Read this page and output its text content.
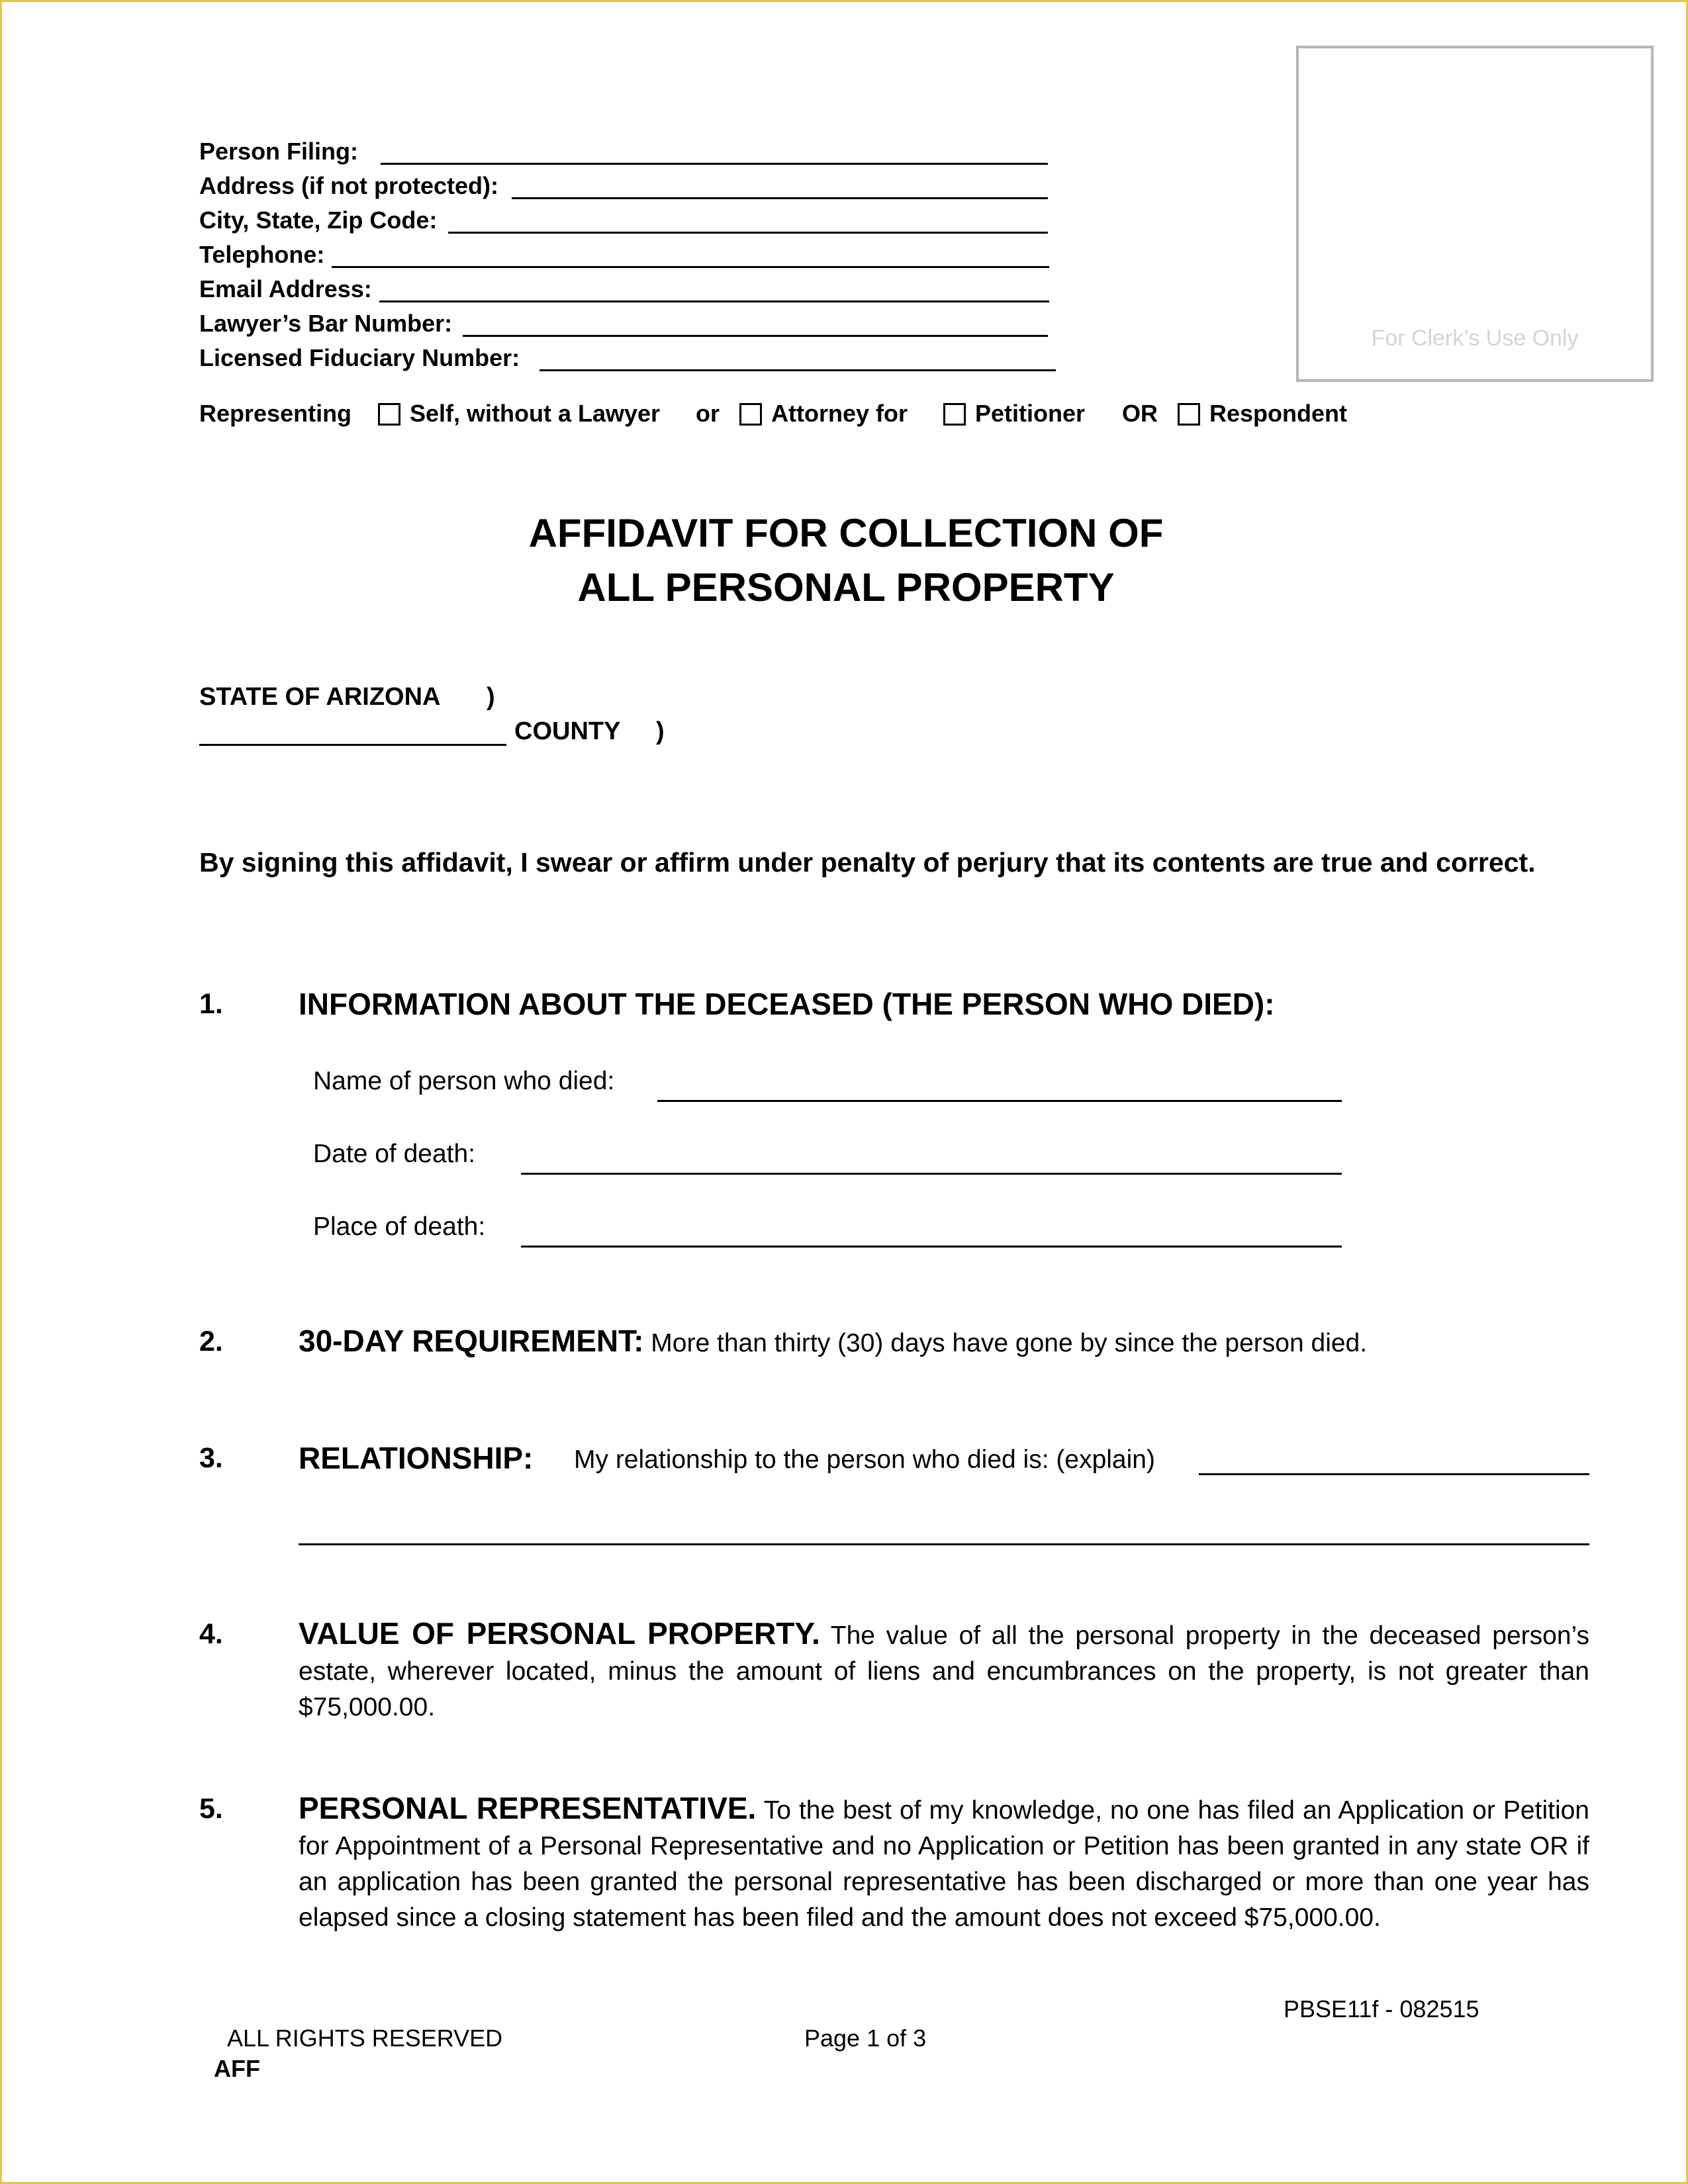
Person Filing:
Address (if not protected):
City, State, Zip Code:
Telephone:
Email Address:
Lawyer’s Bar Number:
Licensed Fiduciary Number:
For Clerk’s Use Only
Representing	Self, without a Lawyer or	Attorney for	Petitioner OR	Respondent
AFFIDAVIT FOR COLLECTION OF
ALL PERSONAL PROPERTY
STATE OF ARIZONA )
COUNTY )
By signing this affidavit, I swear or affirm under penalty of perjury that its contents are true and correct.
1. INFORMATION ABOUT THE DECEASED (THE PERSON WHO DIED):
Name of person who died:
Date of death:
Place of death:
2. 30-DAY REQUIREMENT: More than thirty (30) days have gone by since the person died.
3. RELATIONSHIP: My relationship to the person who died is: (explain)
4. VALUE OF PERSONAL PROPERTY. The value of all the personal property in the deceased person’s estate, wherever located, minus the amount of liens and encumbrances on the property, is not greater than $75,000.00.
5. PERSONAL REPRESENTATIVE. To the best of my knowledge, no one has filed an Application or Petition for Appointment of a Personal Representative and no Application or Petition has been granted in any state OR if an application has been granted the personal representative has been discharged or more than one year has elapsed since a closing statement has been filed and the amount does not exceed $75,000.00.
PBSE11f - 082515
ALL RIGHTS RESERVED	Page 1 of 3
AFF
